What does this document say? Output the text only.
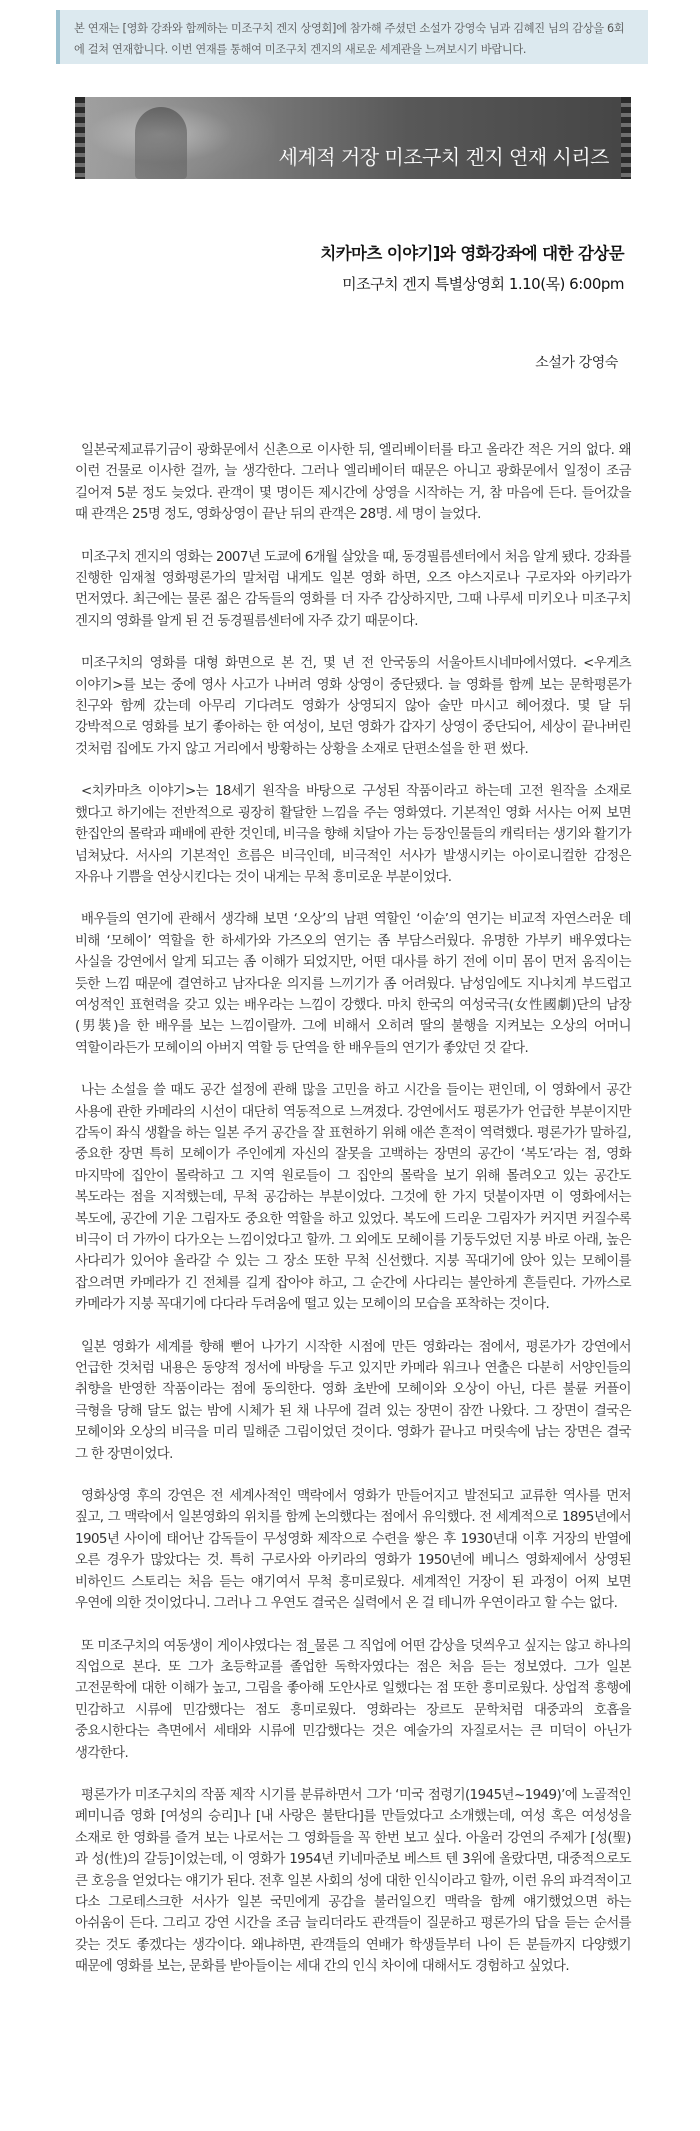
본 연재는 [영화 강좌와 함께하는 미조구치 겐지 상영회]에 참가해 주셨던 소설가 강영숙 님과 김혜진 님의 감상을 6회에 걸쳐 연재합니다. 이번 연재를 통해여 미조구치 겐지의 새로운 세계관을 느껴보시기 바랍니다.

세계적 거장 미조구치 겐지 연재 시리즈
치카마츠 이야기]와 영화강좌에 대한 감상문
미조구치 겐지 특별상영회 1.10(목) 6:00pm
소설가 강영숙

일본국제교류기금이 광화문에서 신촌으로 이사한 뒤, 엘리베이터를 타고 올라간 적은 거의 없다. 왜 이런 건물로 이사한 걸까, 늘 생각한다. 그러나 엘리베이터 때문은 아니고 광화문에서 일정이 조금 길어져 5분 정도 늦었다. 관객이 몇 명이든 제시간에 상영을 시작하는 거, 참 마음에 든다. 들어갔을 때 관객은 25명 정도, 영화상영이 끝난 뒤의 관객은 28명. 세 명이 늘었다.

미조구치 겐지의 영화는 2007년 도쿄에 6개월 살았을 때, 동경필름센터에서 처음 알게 됐다. 강좌를 진행한 임재철 영화평론가의 말처럼 내게도 일본 영화 하면, 오즈 야스지로나 구로자와 아키라가 먼저였다. 최근에는 물론 젊은 감독들의 영화를 더 자주 감상하지만, 그때 나루세 미키오나 미조구치 겐지의 영화를 알게 된 건 동경필름센터에 자주 갔기 때문이다.

미조구치의 영화를 대형 화면으로 본 건, 몇 년 전 안국동의 서울아트시네마에서였다. <우게츠 이야기>를 보는 중에 영사 사고가 나버려 영화 상영이 중단됐다. 늘 영화를 함께 보는 문학평론가 친구와 함께 갔는데 아무리 기다려도 영화가 상영되지 않아 술만 마시고 헤어졌다. 몇 달 뒤 강박적으로 영화를 보기 좋아하는 한 여성이, 보던 영화가 갑자기 상영이 중단되어, 세상이 끝나버린 것처럼 집에도 가지 않고 거리에서 방황하는 상황을 소재로 단편소설을 한 편 썼다.

<치카마츠 이야기>는 18세기 원작을 바탕으로 구성된 작품이라고 하는데 고전 원작을 소재로 했다고 하기에는 전반적으로 굉장히 활달한 느낌을 주는 영화였다. 기본적인 영화 서사는 어찌 보면 한집안의 몰락과 패배에 관한 것인데, 비극을 향해 치달아 가는 등장인물들의 캐릭터는 생기와 활기가 넘쳐났다. 서사의 기본적인 흐름은 비극인데, 비극적인 서사가 발생시키는 아이로니컬한 감정은 자유나 기쁨을 연상시킨다는 것이 내게는 무척 흥미로운 부분이었다.

배우들의 연기에 관해서 생각해 보면 ‘오상’의 남편 역할인 ‘이슌’의 연기는 비교적 자연스러운 데 비해 ‘모헤이’ 역할을 한 하세가와 가즈오의 연기는 좀 부담스러웠다. 유명한 가부키 배우였다는 사실을 강연에서 알게 되고는 좀 이해가 되었지만, 어떤 대사를 하기 전에 이미 몸이 먼저 움직이는 듯한 느낌 때문에 결연하고 남자다운 의지를 느끼기가 좀 어려웠다. 남성임에도 지나치게 부드럽고 여성적인 표현력을 갖고 있는 배우라는 느낌이 강했다. 마치 한국의 여성국극(女性國劇)단의 남장(男裝)을 한 배우를 보는 느낌이랄까. 그에 비해서 오히려 딸의 불행을 지켜보는 오상의 어머니 역할이라든가 모헤이의 아버지 역할 등 단역을 한 배우들의 연기가 좋았던 것 같다.

나는 소설을 쓸 때도 공간 설정에 관해 많을 고민을 하고 시간을 들이는 편인데, 이 영화에서 공간 사용에 관한 카메라의 시선이 대단히 역동적으로 느껴졌다. 강연에서도 평론가가 언급한 부분이지만 감독이 좌식 생활을 하는 일본 주거 공간을 잘 표현하기 위해 애쓴 흔적이 역력했다. 평론가가 말하길, 중요한 장면 특히 모헤이가 주인에게 자신의 잘못을 고백하는 장면의 공간이 ‘복도’라는 점, 영화 마지막에 집안이 몰락하고 그 지역 원로들이 그 집안의 몰락을 보기 위해 몰려오고 있는 공간도 복도라는 점을 지적했는데, 무척 공감하는 부분이었다. 그것에 한 가지 덧붙이자면 이 영화에서는 복도에, 공간에 기운 그림자도 중요한 역할을 하고 있었다. 복도에 드리운 그림자가 커지면 커질수록 비극이 더 가까이 다가오는 느낌이었다고 할까. 그 외에도 모헤이를 기둥두었던 지붕 바로 아래, 높은 사다리가 있어야 올라갈 수 있는 그 장소 또한 무척 신선했다. 지붕 꼭대기에 앉아 있는 모헤이를 잡으려면 카메라가 긴 전체를 길게 잡아야 하고, 그 순간에 사다리는 불안하게 흔들린다. 가까스로 카메라가 지붕 꼭대기에 다다라 두려움에 떨고 있는 모헤이의 모습을 포착하는 것이다.

일본 영화가 세계를 향해 뻗어 나가기 시작한 시점에 만든 영화라는 점에서, 평론가가 강연에서 언급한 것처럼 내용은 동양적 정서에 바탕을 두고 있지만 카메라 워크나 연출은 다분히 서양인들의 취향을 반영한 작품이라는 점에 동의한다. 영화 초반에 모헤이와 오상이 아닌, 다른 불륜 커플이 극형을 당해 달도 없는 밤에 시체가 된 채 나무에 걸려 있는 장면이 잠깐 나왔다. 그 장면이 결국은 모헤이와 오상의 비극을 미리 밀해준 그림이었던 것이다. 영화가 끝나고 머릿속에 남는 장면은 결국 그 한 장면이었다.

영화상영 후의 강연은 전 세계사적인 맥락에서 영화가 만들어지고 발전되고 교류한 역사를 먼저 짚고, 그 맥락에서 일본영화의 위치를 함께 논의했다는 점에서 유익했다. 전 세계적으로 1895년에서 1905년 사이에 태어난 감독들이 무성영화 제작으로 수련을 쌓은 후 1930년대 이후 거장의 반열에 오른 경우가 많았다는 것. 특히 구로사와 아키라의 영화가 1950년에 베니스 영화제에서 상영된 비하인드 스토리는 처음 듣는 얘기여서 무척 흥미로웠다. 세계적인 거장이 된 과정이 어찌 보면 우연에 의한 것이었다니. 그러나 그 우연도 결국은 실력에서 온 걸 테니까 우연이라고 할 수는 없다.

또 미조구치의 여동생이 게이샤였다는 점_물론 그 직업에 어떤 감상을 덧씌우고 싶지는 않고 하나의 직업으로 본다. 또 그가 초등학교를 졸업한 독학자였다는 점은 처음 듣는 정보였다. 그가 일본 고전문학에 대한 이해가 높고, 그림을 좋아해 도안사로 일했다는 점 또한 흥미로웠다. 상업적 흥행에 민감하고 시류에 민감했다는 점도 흥미로웠다. 영화라는 장르도 문학처럼 대중과의 호흡을 중요시한다는 측면에서 세태와 시류에 민감했다는 것은 예술가의 자질로서는 큰 미덕이 아닌가 생각한다.

평론가가 미조구치의 작품 제작 시기를 분류하면서 그가 ‘미국 점령기(1945년~1949)’에 노골적인 페미니즘 영화 [여성의 승리]나 [내 사랑은 불탄다]를 만들었다고 소개했는데, 여성 혹은 여성성을 소재로 한 영화를 즐겨 보는 나로서는 그 영화들을 꼭 한번 보고 싶다. 아울러 강연의 주제가 [성(聖)과 성(性)의 갈등]이었는데, 이 영화가 1954년 키네마준보 베스트 텐 3위에 올랐다면, 대중적으로도 큰 호응을 얻었다는 얘기가 된다. 전후 일본 사회의 성에 대한 인식이라고 할까, 이런 유의 파격적이고 다소 그로테스크한 서사가 일본 국민에게 공감을 불러일으킨 맥락을 함께 얘기했었으면 하는 아쉬움이 든다. 그리고 강연 시간을 조금 늘리더라도 관객들이 질문하고 평론가의 답을 듣는 순서를 갖는 것도 좋겠다는 생각이다. 왜냐하면, 관객들의 연배가 학생들부터 나이 든 분들까지 다양했기 때문에 영화를 보는, 문화를 받아들이는 세대 간의 인식 차이에 대해서도 경험하고 싶었다.
